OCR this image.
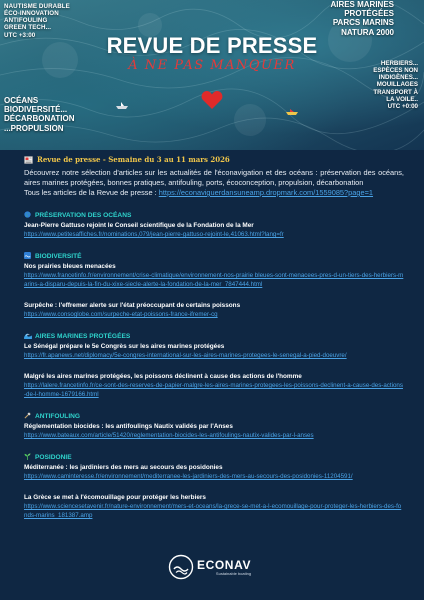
NAUTISME DURABLE
ÉCO-INNOVATION
ANTIFOULING
GREEN TECH...
UTC +3:00
AIRES MARINES
PROTÉGÉES
PARCS MARINS
NATURA 2000
REVUE DE PRESSE
À NE PAS MANQUER	HERBIERS...
ESPÈCES NON
INDIGÈNES...
MOUILLAGES
TRANSPORT À
LA VOILE..
UTC +0:00
OCÉANS
BIODIVERSITÉ...
DÉCARBONATION
...PROPULSION
Revue de presse - Semaine du 3 au 11 mars 2026

Découvrez notre sélection d'articles sur les actualités de l'éconavigation et des océans : préservation des océans, aires marines protégées, bonnes pratiques, antifouling, ports, écoconception, propulsion, décarbonation

Tous les articles de la Revue de presse : https://econaviguerdansuneamp.dropmark.com/1559085?page=1

PRÉSERVATION DES OCÉANS
Jean-Pierre Gattuso rejoint le Conseil scientifique de la Fondation de la Mer
https://www.petitesaffiches.fr/nominations,079/jean-pierre-gattuso-rejoint-le,41063.html?lang=fr
BIODIVERSITÉ
Nos prairies bleues menacées
https://www.francetinfo.fr/environnement/crise-climatique/environnement-nos-prairie bleues-sont-menacees-pres-d-un-tiers-des-herbiers-marins-a-disparu-depuis-la-fin-du-xixe-siecle-alerte-la-fondation-de-la-mer_7847444.html
Surpêche : l'effremer alerte sur l'état préoccupant de certains poissons
https://www.consoglobe.com/surpeche-etat-poissons-france-ifremer-cg
AIRES MARINES PROTÉGÉES
Le Sénégal prépare le 5e Congrès sur les aires marines protégées
https://fr.apanews.net/diplomacy/5e-congres-international-sur-les-aires-marines-protegees-le-senegal-a-pied-doeuvre/
Malgré les aires marines protégées, les poissons déclinent à cause des actions de l'homme
https://lalere.francetinfo.fr/ce-sont-des-reserves-de-papier-malgre-les-aires-marines-protegees-les-poissons-declinent-a-cause-des-actions-de-l-homme-1679166.html
ANTIFOULING
Réglementation biocides : les antifoulings Nautix validés par l'Anses
https://www.bateaux.com/article/51420/reglementation-biocides-les-antifoulings-nautix-valides-par-l-anses
POSIDONIE
Méditerranée : les jardiniers des mers au secours des posidonies
https://www.caminteresse.fr/environnement/mediterranee-les-jardiniers-des-mers-au-secours-des-posidonies-11204591/
La Grèce se met à l'écomouillage pour protéger les herbiers
https://www.sciencesetavenir.fr/nature-environnement/mers-et-oceans/la-grece-se-met-a-l-ecomouillage-pour-proteger-les-herbiers-des-fonds-marins_181387.amp
ECONAV
Sustainable boating
